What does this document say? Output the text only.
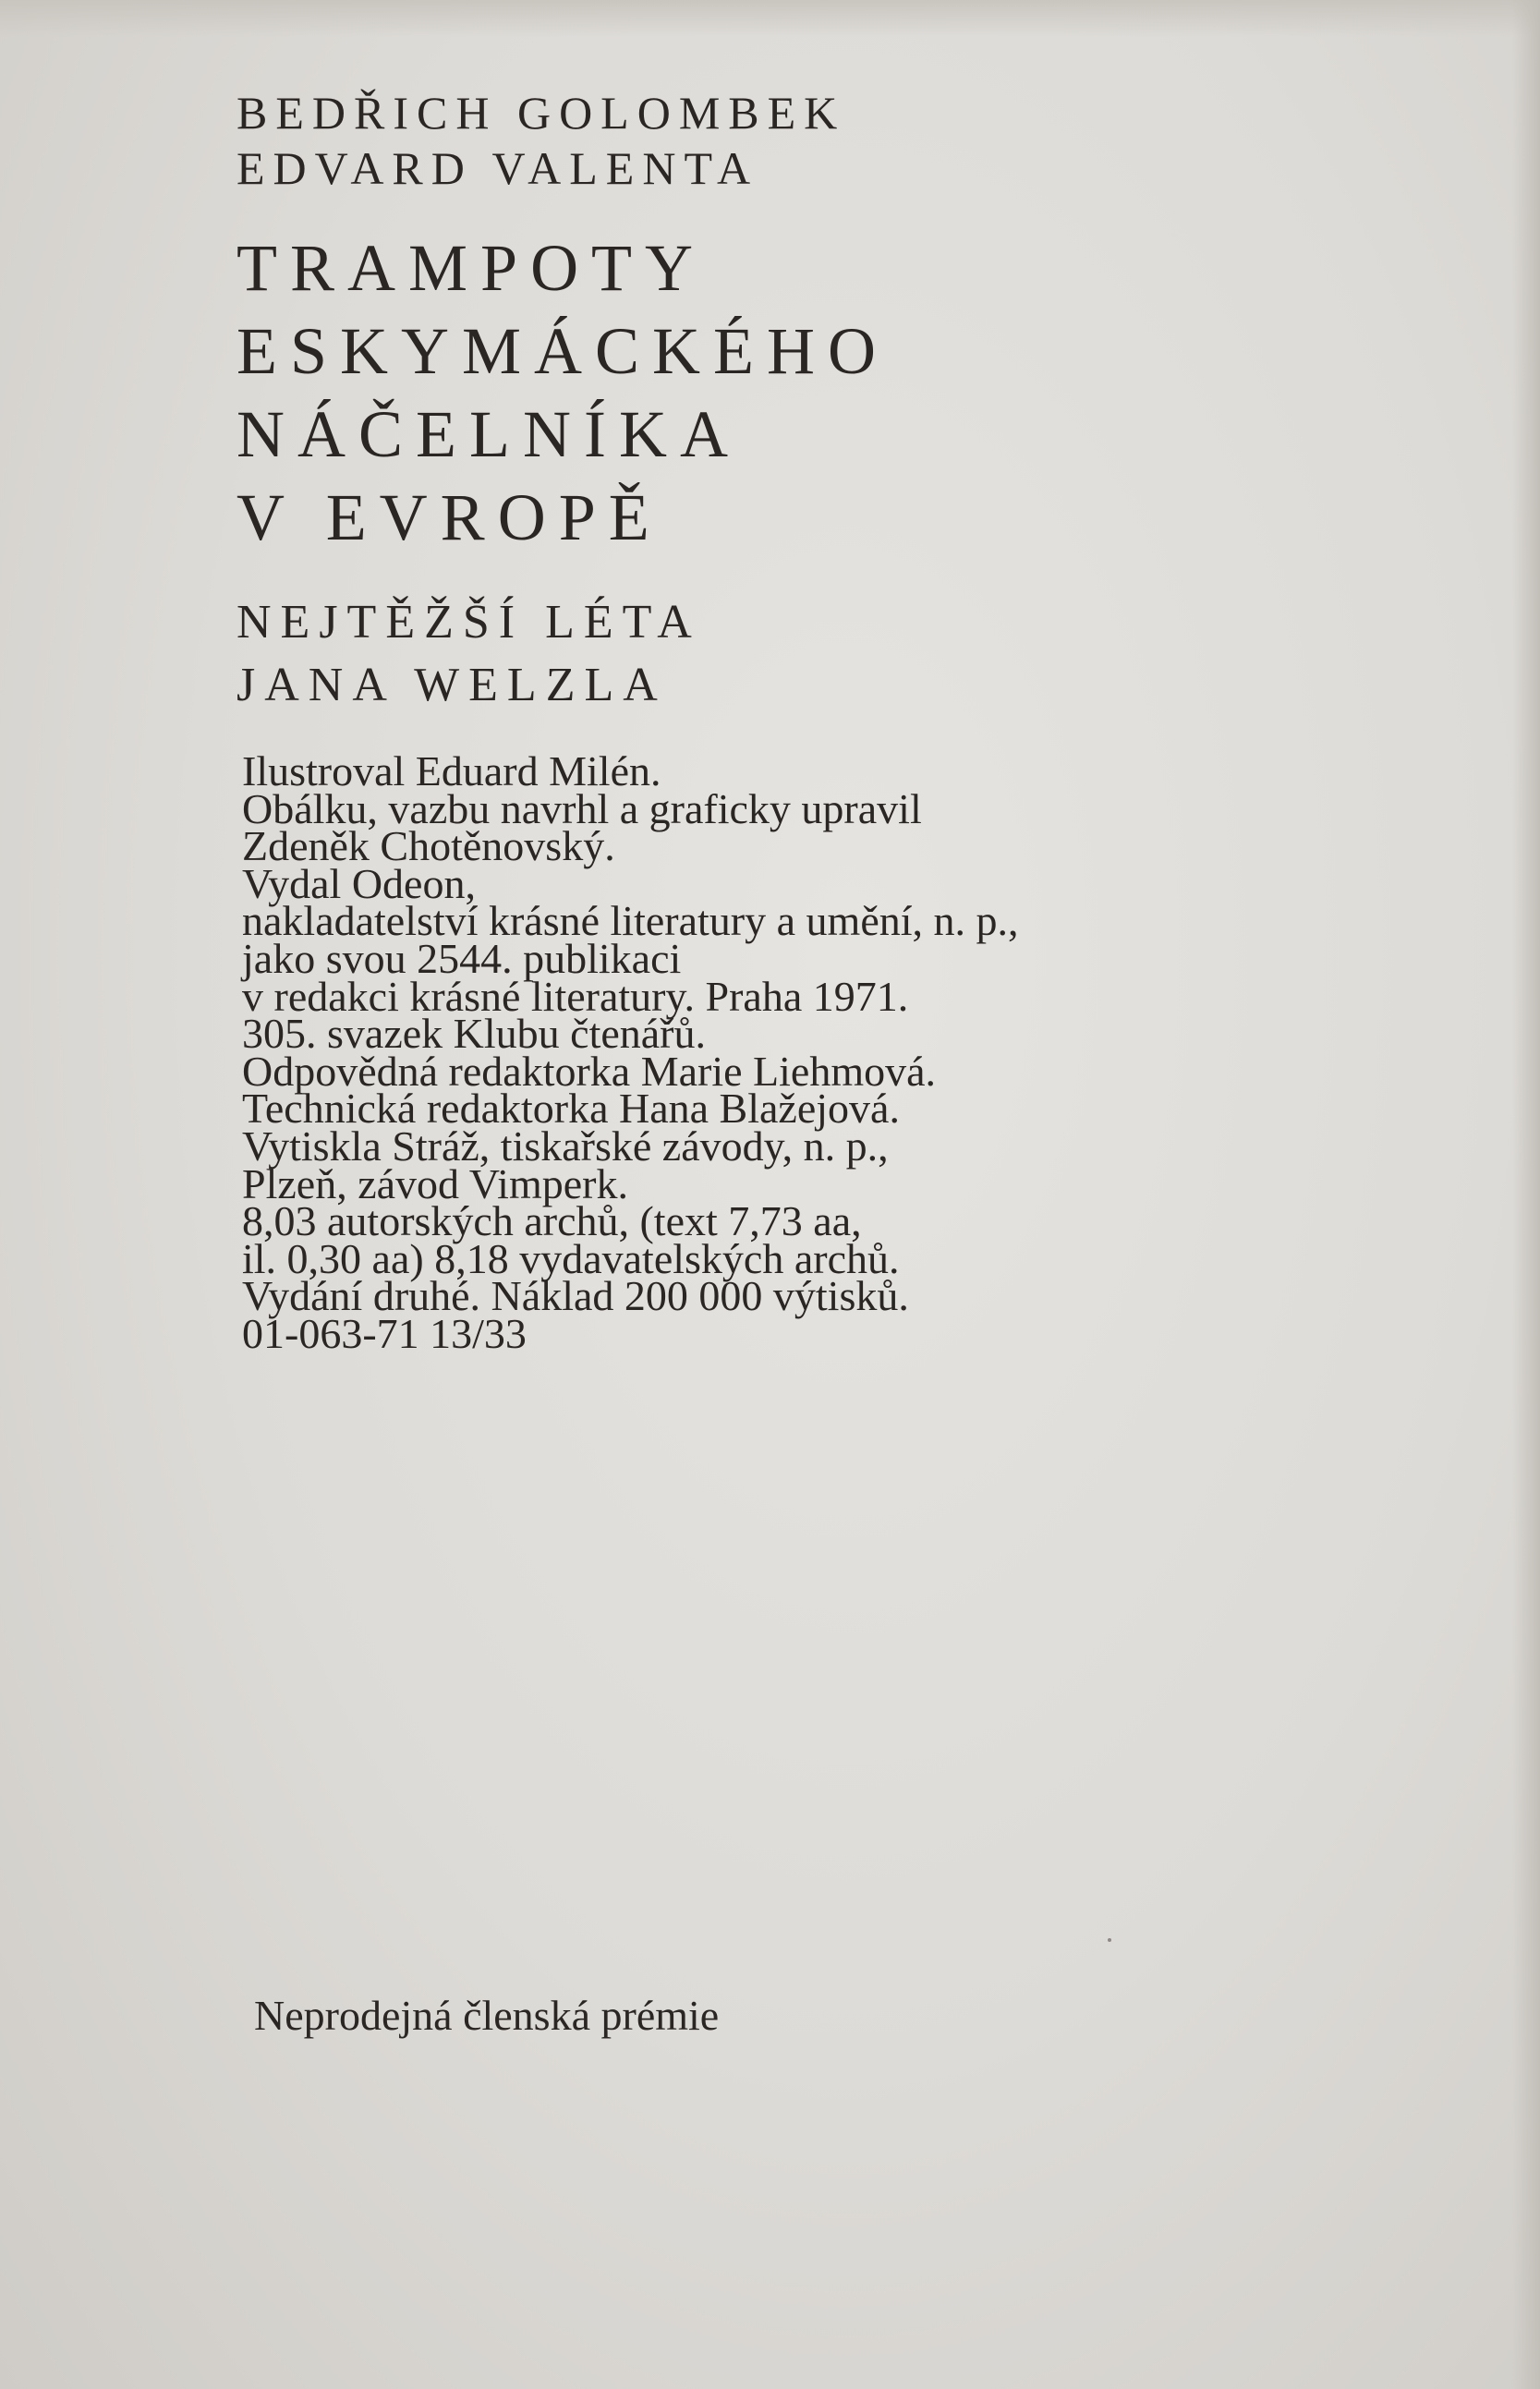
BEDŘICH GOLOMBEK
EDVARD VALENTA
TRAMPOTY
ESKYMÁCKÉHO
NÁČELNÍKA
V EVROPĚ
NEJTĚŽŠÍ LÉTA
JANA WELZLA
Ilustroval Eduard Milén.
Obálku, vazbu navrhl a graficky upravil
Zdeněk Chotěnovský.
Vydal Odeon,
nakladatelství krásné literatury a umění, n. p.,
jako svou 2544. publikaci
v redakci krásné literatury. Praha 1971.
305. svazek Klubu čtenářů.
Odpovědná redaktorka Marie Liehmová.
Technická redaktorka Hana Blažejová.
Vytiskla Stráž, tiskařské závody, n. p.,
Plzeň, závod Vimperk.
8,03 autorských archů, (text 7,73 aa,
il. 0,30 aa) 8,18 vydavatelských archů.
Vydání druhé. Náklad 200 000 výtisků.
01-063-71 13/33
Neprodejná členská prémie
